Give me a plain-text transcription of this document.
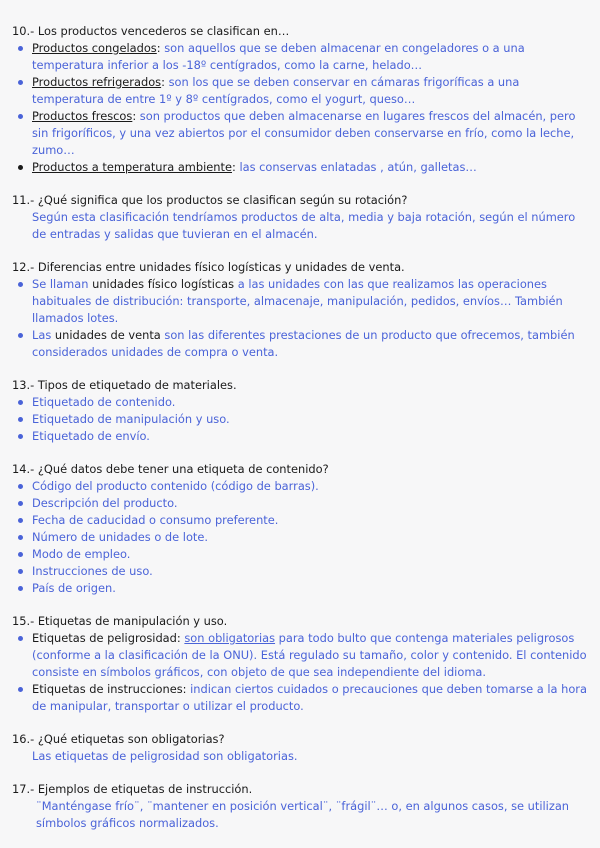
10.- Los productos vencederos se clasifican en…
Productos congelados: son aquellos que se deben almacenar en congeladores o a una temperatura inferior a los -18º centígrados, como la carne, helado…
Productos refrigerados: son los que se deben conservar en cámaras frigoríficas a una temperatura de entre 1º y 8º centígrados, como el yogurt, queso…
Productos frescos: son productos que deben almacenarse en lugares frescos del almacén, pero sin frigoríficos, y una vez abiertos por el consumidor deben conservarse en frío, como la leche, zumo…
Productos a temperatura ambiente: las conservas enlatadas , atún, galletas…
11.- ¿Qué significa que los productos se clasifican según su rotación?
Según esta clasificación tendríamos productos de alta, media y baja rotación, según el número de entradas y salidas que tuvieran en el almacén.
12.- Diferencias entre unidades físico logísticas y unidades de venta.
Se llaman unidades físico logísticas a las unidades con las que realizamos las operaciones habituales de distribución: transporte, almacenaje, manipulación, pedidos, envíos… También llamados lotes.
Las unidades de venta son las diferentes prestaciones de un producto que ofrecemos, también considerados unidades de compra o venta.
13.- Tipos de etiquetado de materiales.
Etiquetado de contenido.
Etiquetado de manipulación y uso.
Etiquetado de envío.
14.- ¿Qué datos debe tener una etiqueta de contenido?
Código del producto contenido (código de barras).
Descripción del producto.
Fecha de caducidad o consumo preferente.
Número de unidades o de lote.
Modo de empleo.
Instrucciones de uso.
País de origen.
15.- Etiquetas de manipulación y uso.
Etiquetas de peligrosidad: son obligatorias para todo bulto que contenga materiales peligrosos (conforme a la clasificación de la ONU). Está regulado su tamaño, color y contenido. El contenido consiste en símbolos gráficos, con objeto de que sea independiente del idioma.
Etiquetas de instrucciones: indican ciertos cuidados o precauciones que deben tomarse a la hora de manipular, transportar o utilizar el producto.
16.- ¿Qué etiquetas son obligatorias?
Las etiquetas de peligrosidad son obligatorias.
17.- Ejemplos de etiquetas de instrucción.
¨Manténgase frío¨, ¨mantener en posición vertical¨, ¨frágil¨… o, en algunos casos, se utilizan símbolos gráficos normalizados.
